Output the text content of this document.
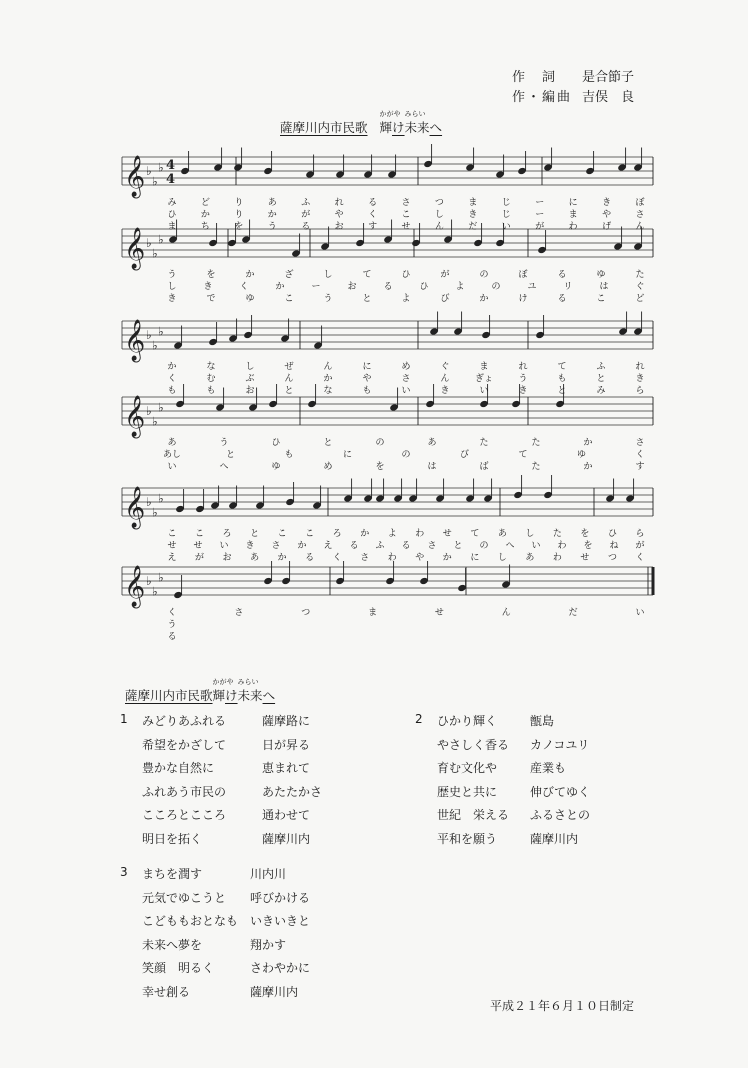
作　詞	是合節子
作・編曲 吉俣　良
薩摩川内市民歌
かがや
輝け
みらい
未来へ
𝄞 ♭
♭
♭ 4
4
み	ど	り	あ	ふ	れ	る	さ	つ	ま	じ	ー	に	き	ぼ
ひ	か	り	か	が	や	く	こ	し	き	じ	ー	ま	や	さ
ま	ち	を	う	る	お	す	せ	ん	だ	い	が	わ	げ	ん
𝄞 ♭
♭
♭
う	を	か	ざ	し	て	ひ	が	の	ぼ	る	ゆ	た
し	き	く	か	ー	お	る	ひ	よ	の	ユ	リ	は	ぐ
き	で	ゆ	こ	う	と	よ	び	か	け	る	こ	ど
𝄞 ♭
♭
♭
か	な	し	ぜ	ん	に	め	ぐ	ま	れ	て	ふ	れ
く	む	ぶ	ん	か	や	さ	ん	ぎょ	う	も	と	き
も	も	お	と	な	も	い	き	い	き	と	み	ら
𝄞 ♭
♭
♭
あ	う	ひ	と	の	あ	た	た	か	さ
あし	と	も	に	の	び	て	ゆ	く
い	へ	ゆ	め	を	は	ば	た	か	す
𝄞 ♭
♭
♭
こ こ ろ と こ こ ろ か よ わ せ て あ し た を ひ ら
せ せ い き さ か え る ふ る さ と の へ い わ を ね が
え が お あ か る く さ わ や か に し あ わ せ つ く
𝄞 ♭
♭
♭
く	さ	つ	ま	せ	ん	だ	い
う
る
薩摩川内市民歌
かがや
輝け
みらい
未来へ
1 みどりあふれる	薩摩路に
希望をかざして	日が昇る
豊かな自然に	恵まれて
ふれあう市民の	あたたかさ
こころとこころ	通わせて
明日を拓く	薩摩川内
2 ひかり輝く	甑島
やさしく香る カノコユリ
育む文化や	産業も
歴史と共に	伸びてゆく
世紀　栄える ふるさとの
平和を願う	薩摩川内
3 まちを潤す	川内川
元気でゆこうと 呼びかける
こどももおとなも いきいきと
未来へ夢を	翔かす
笑顔　明るく	さわやかに
幸せ創る	薩摩川内
平成２１年６月１０日制定
